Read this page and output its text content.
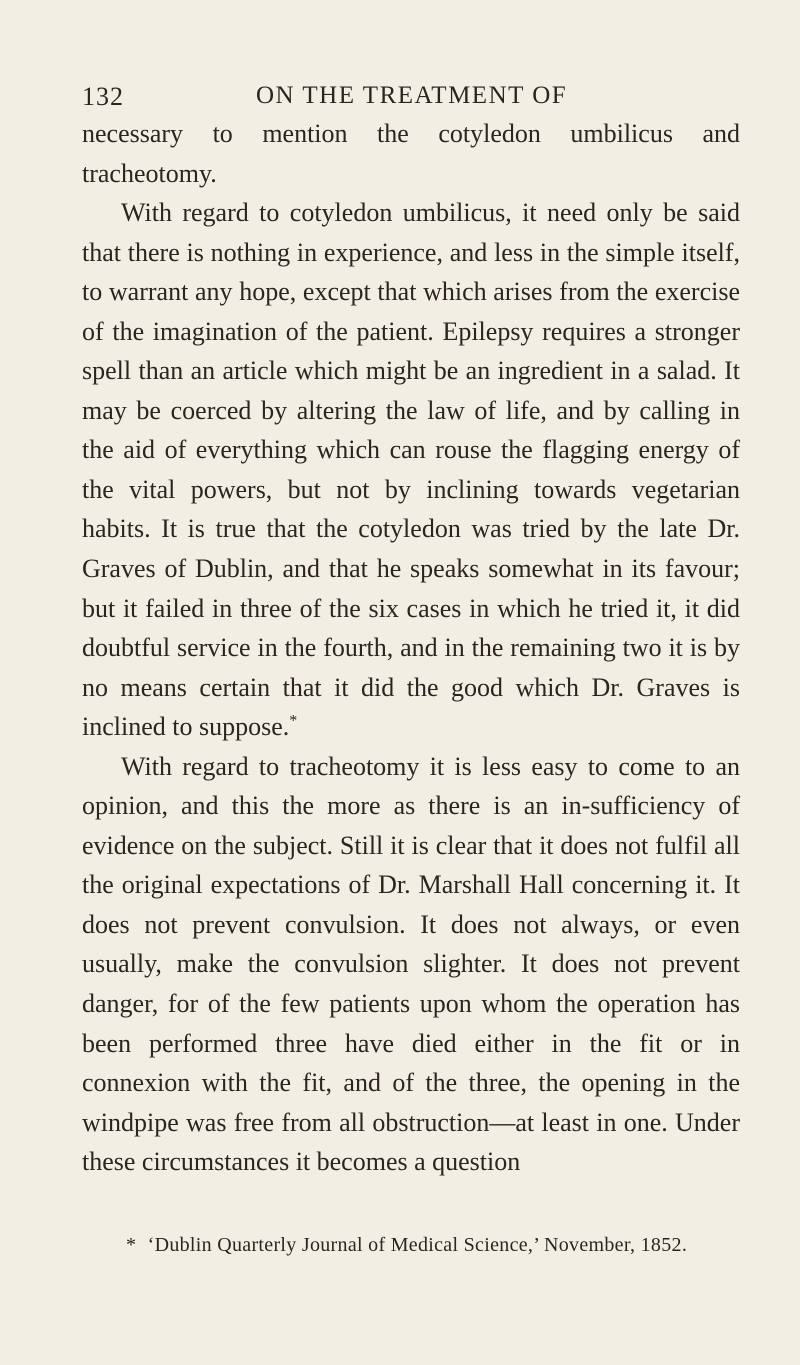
132	ON THE TREATMENT OF

necessary to mention the cotyledon umbilicus and tracheotomy.

With regard to cotyledon umbilicus, it need only be said that there is nothing in experience, and less in the simple itself, to warrant any hope, except that which arises from the exercise of the imagination of the patient. Epilepsy requires a stronger spell than an article which might be an ingredient in a salad. It may be coerced by altering the law of life, and by calling in the aid of everything which can rouse the flagging energy of the vital powers, but not by inclining towards vegetarian habits. It is true that the cotyledon was tried by the late Dr. Graves of Dublin, and that he speaks somewhat in its favour; but it failed in three of the six cases in which he tried it, it did doubtful service in the fourth, and in the remaining two it is by no means certain that it did the good which Dr. Graves is inclined to suppose.*

With regard to tracheotomy it is less easy to come to an opinion, and this the more as there is an in-sufficiency of evidence on the subject. Still it is clear that it does not fulfil all the original expectations of Dr. Marshall Hall concerning it. It does not prevent convulsion. It does not always, or even usually, make the convulsion slighter. It does not prevent danger, for of the few patients upon whom the operation has been performed three have died either in the fit or in connexion with the fit, and of the three, the opening in the windpipe was free from all obstruction—at least in one. Under these circumstances it becomes a question

* ‘Dublin Quarterly Journal of Medical Science,’ November, 1852.
